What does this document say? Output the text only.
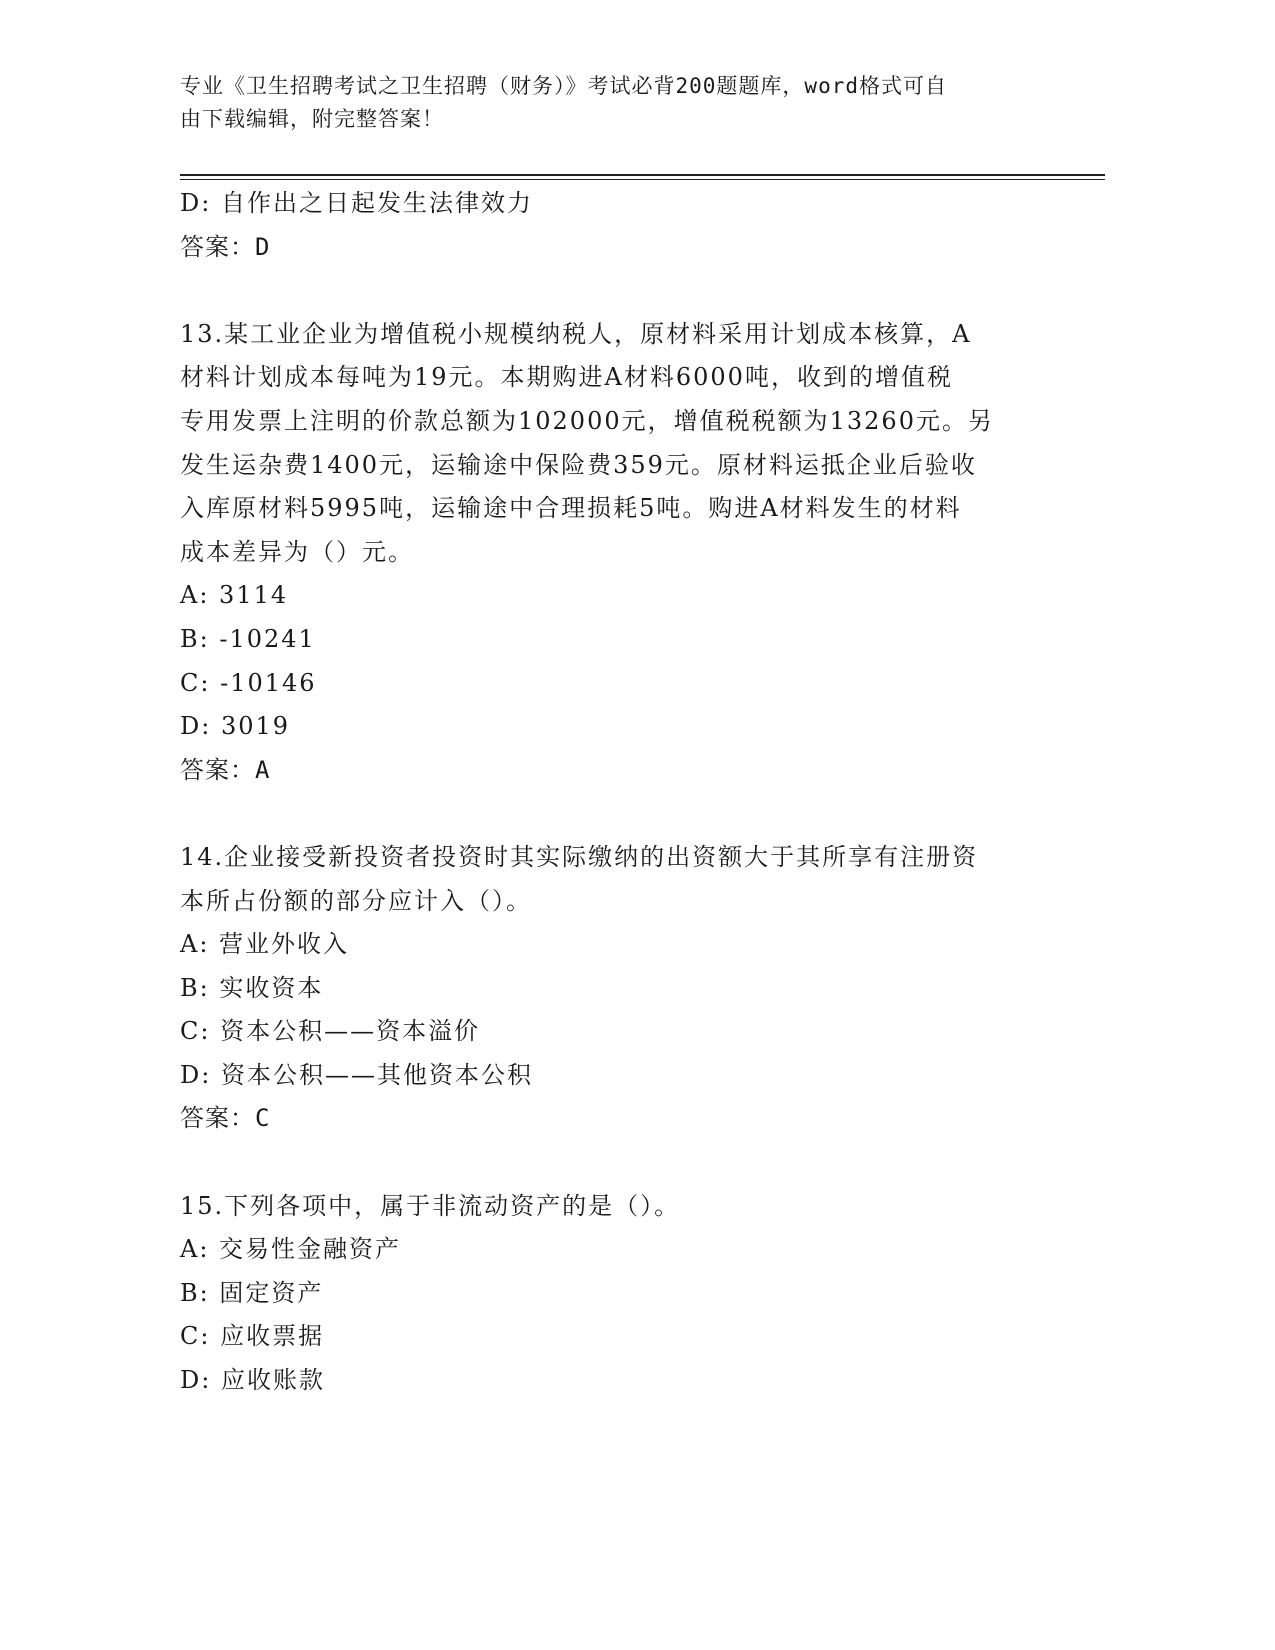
专业《卫生招聘考试之卫生招聘（财务）》考试必背200题题库，word格式可自
由下载编辑，附完整答案！
D: 自作出之日起发生法律效力
答案：D
13.某工业企业为增值税小规模纳税人，原材料采用计划成本核算，A
材料计划成本每吨为19元。本期购进A材料6000吨，收到的增值税
专用发票上注明的价款总额为102000元，增值税税额为13260元。另
发生运杂费1400元，运输途中保险费359元。原材料运抵企业后验收
入库原材料5995吨，运输途中合理损耗5吨。购进A材料发生的材料
成本差异为（）元。
A: 3114
B: -10241
C: -10146
D: 3019
答案：A
14.企业接受新投资者投资时其实际缴纳的出资额大于其所享有注册资
本所占份额的部分应计入（）。
A: 营业外收入
B: 实收资本
C: 资本公积——资本溢价
D: 资本公积——其他资本公积
答案：C
15.下列各项中，属于非流动资产的是（）。
A: 交易性金融资产
B: 固定资产
C: 应收票据
D: 应收账款
